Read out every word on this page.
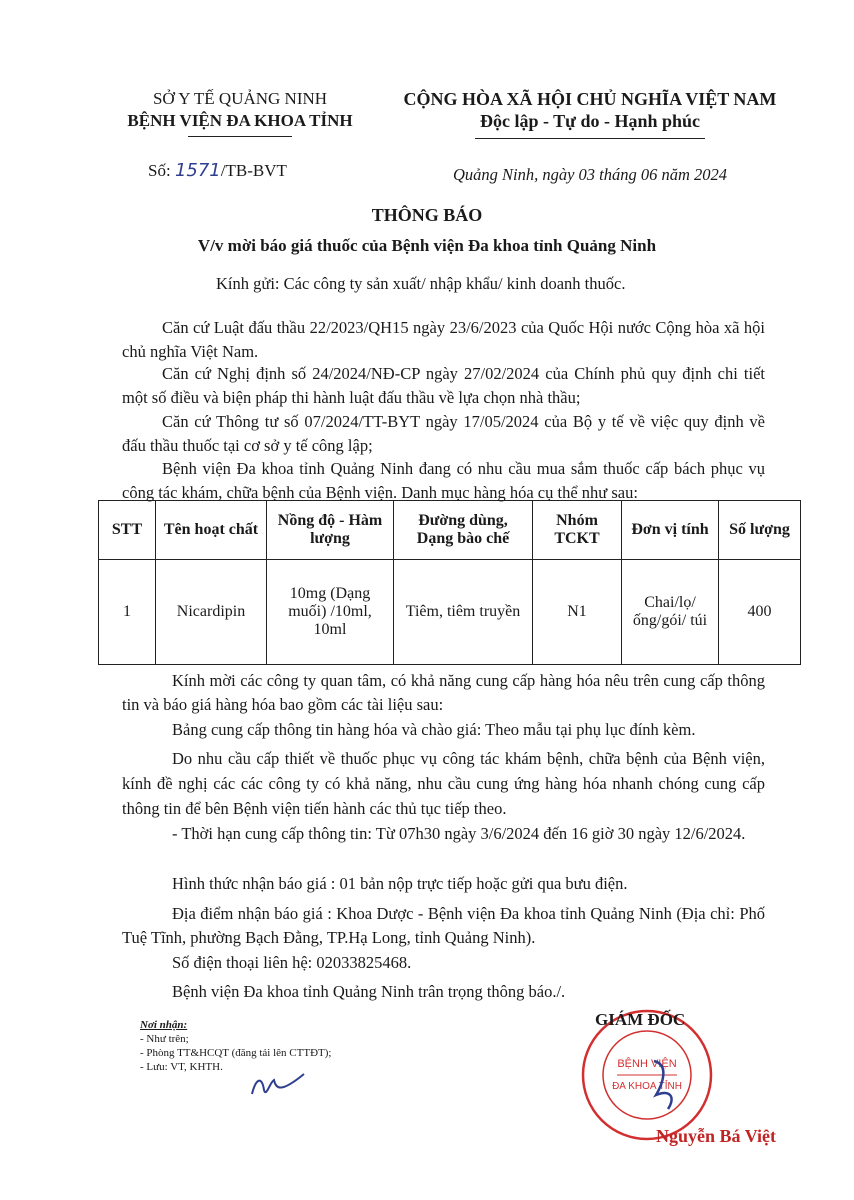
SỞ Y TẾ QUẢNG NINH
BỆNH VIỆN ĐA KHOA TỈNH
CỘNG HÒA XÃ HỘI CHỦ NGHĨA VIỆT NAM
Độc lập - Tự do - Hạnh phúc
Số: 1571/TB-BVT	Quảng Ninh, ngày 03 tháng 06 năm 2024
THÔNG BÁO
V/v mời báo giá thuốc của Bệnh viện Đa khoa tỉnh Quảng Ninh
Kính gửi: Các công ty sản xuất/ nhập khẩu/ kinh doanh thuốc.
Căn cứ Luật đấu thầu 22/2023/QH15 ngày 23/6/2023 của Quốc Hội nước Cộng hòa xã hội chủ nghĩa Việt Nam.
Căn cứ Nghị định số 24/2024/NĐ-CP ngày 27/02/2024 của Chính phủ quy định chi tiết một số điều và biện pháp thi hành luật đấu thầu về lựa chọn nhà thầu;
Căn cứ Thông tư số 07/2024/TT-BYT ngày 17/05/2024 của Bộ y tế về việc quy định về đấu thầu thuốc tại cơ sở y tế công lập;
Bệnh viện Đa khoa tỉnh Quảng Ninh đang có nhu cầu mua sắm thuốc cấp bách phục vụ công tác khám, chữa bệnh của Bệnh viện. Danh mục hàng hóa cụ thể như sau:
STT	Tên hoạt chất	Nồng độ - Hàm lượng	Đường dùng, Dạng bào chế	Nhóm TCKT	Đơn vị tính	Số lượng
1	Nicardipin	10mg (Dạng muối) /10ml, 10ml	Tiêm, tiêm truyền	N1	Chai/lọ/ ống/gói/ túi	400
Kính mời các công ty quan tâm, có khả năng cung cấp hàng hóa nêu trên cung cấp thông tin và báo giá hàng hóa bao gồm các tài liệu sau:
Bảng cung cấp thông tin hàng hóa và chào giá: Theo mẫu tại phụ lục đính kèm.
Do nhu cầu cấp thiết về thuốc phục vụ công tác khám bệnh, chữa bệnh của Bệnh viện, kính đề nghị các các công ty có khả năng, nhu cầu cung ứng hàng hóa nhanh chóng cung cấp thông tin để bên Bệnh viện tiến hành các thủ tục tiếp theo.
- Thời hạn cung cấp thông tin: Từ 07h30 ngày 3/6/2024 đến 16 giờ 30 ngày 12/6/2024.
Hình thức nhận báo giá : 01 bản nộp trực tiếp hoặc gửi qua bưu điện.
Địa điểm nhận báo giá : Khoa Dược - Bệnh viện Đa khoa tỉnh Quảng Ninh (Địa chỉ: Phố Tuệ Tĩnh, phường Bạch Đằng, TP.Hạ Long, tỉnh Quảng Ninh).
Số điện thoại liên hệ: 02033825468.
Bệnh viện Đa khoa tỉnh Quảng Ninh trân trọng thông báo./.
Nơi nhận:
- Như trên;
- Phòng TT&HCQT (đăng tải lên CTTĐT);
- Lưu: VT, KHTH.	BỆNH VIỆN
ĐA KHOA TỈNH
GIÁM ĐỐC
Nguyễn Bá Việt
